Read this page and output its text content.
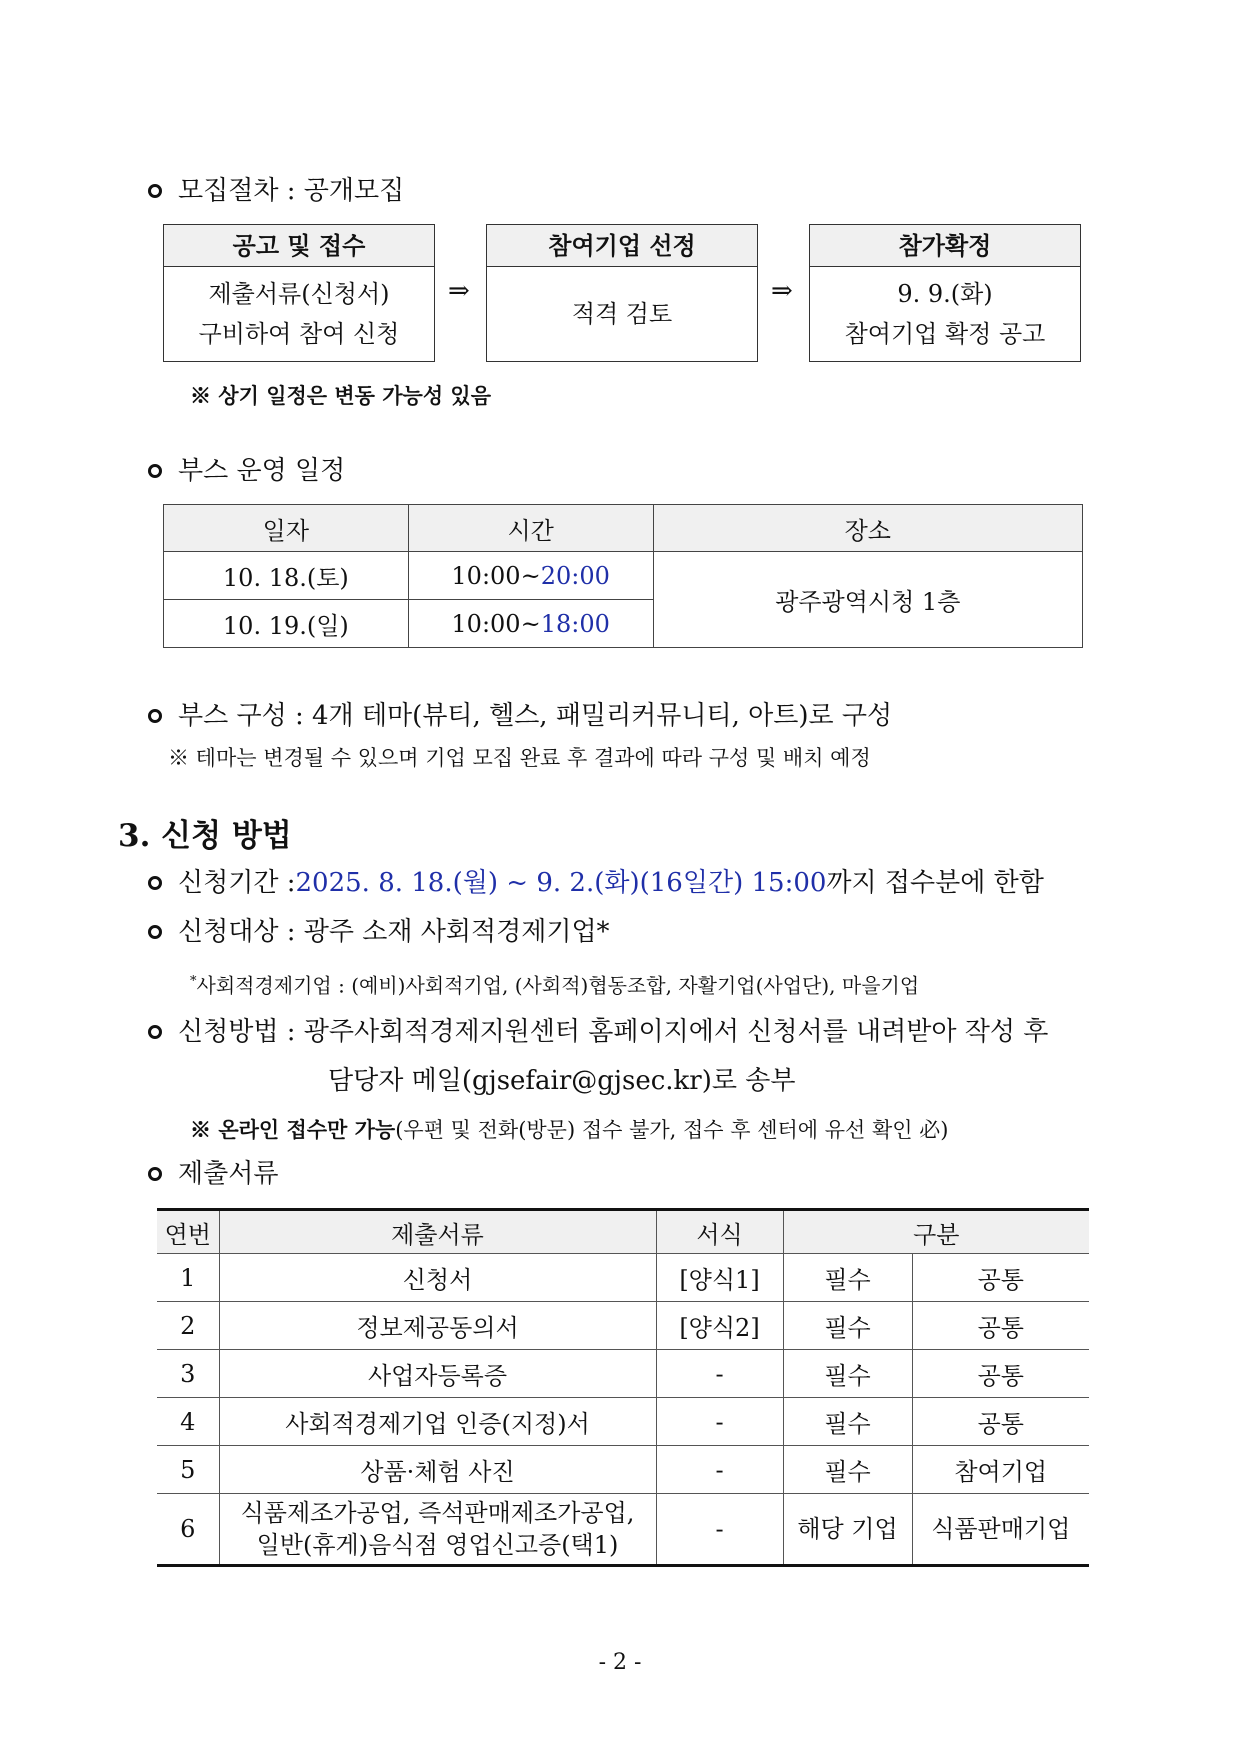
모집절차 : 공개모집
공고 및 접수
제출서류(신청서)
구비하여 참여 신청
⇒
참여기업 선정
적격 검토
⇒
참가확정
9. 9.(화)
참여기업 확정 공고
※ 상기 일정은 변동 가능성 있음
부스 운영 일정
일자	시간	장소
10. 18.(토)	10:00~20:00	광주광역시청 1층
10. 19.(일)	10:00~18:00	
부스 구성 : 4개 테마(뷰티, 헬스, 패밀리커뮤니티, 아트)로 구성
※ 테마는 변경될 수 있으며 기업 모집 완료 후 결과에 따라 구성 및 배치 예정
3. 신청 방법
신청기간 : 2025. 8. 18.(월) ~ 9. 2.(화)(16일간) 15:00 까지 접수분에 한함
신청대상 : 광주 소재 사회적경제기업*
*사회적경제기업 : (예비)사회적기업, (사회적)협동조합, 자활기업(사업단), 마을기업
신청방법 : 광주사회적경제지원센터 홈페이지에서 신청서를 내려받아 작성 후
담당자 메일(gjsefair@gjsec.kr)로 송부
※ 온라인 접수만 가능(우편 및 전화(방문) 접수 불가, 접수 후 센터에 유선 확인 必)
제출서류
연번	제출서류	서식	구분	
1	신청서	[양식1]	필수	공통
2	정보제공동의서	[양식2]	필수	공통
3	사업자등록증	-	필수	공통
4	사회적경제기업 인증(지정)서	-	필수	공통
5	상품·체험 사진	-	필수	참여기업
6	식품제조가공업, 즉석판매제조가공업,
일반(휴게)음식점 영업신고증(택1)	-	해당 기업	식품판매기업
- 2 -
